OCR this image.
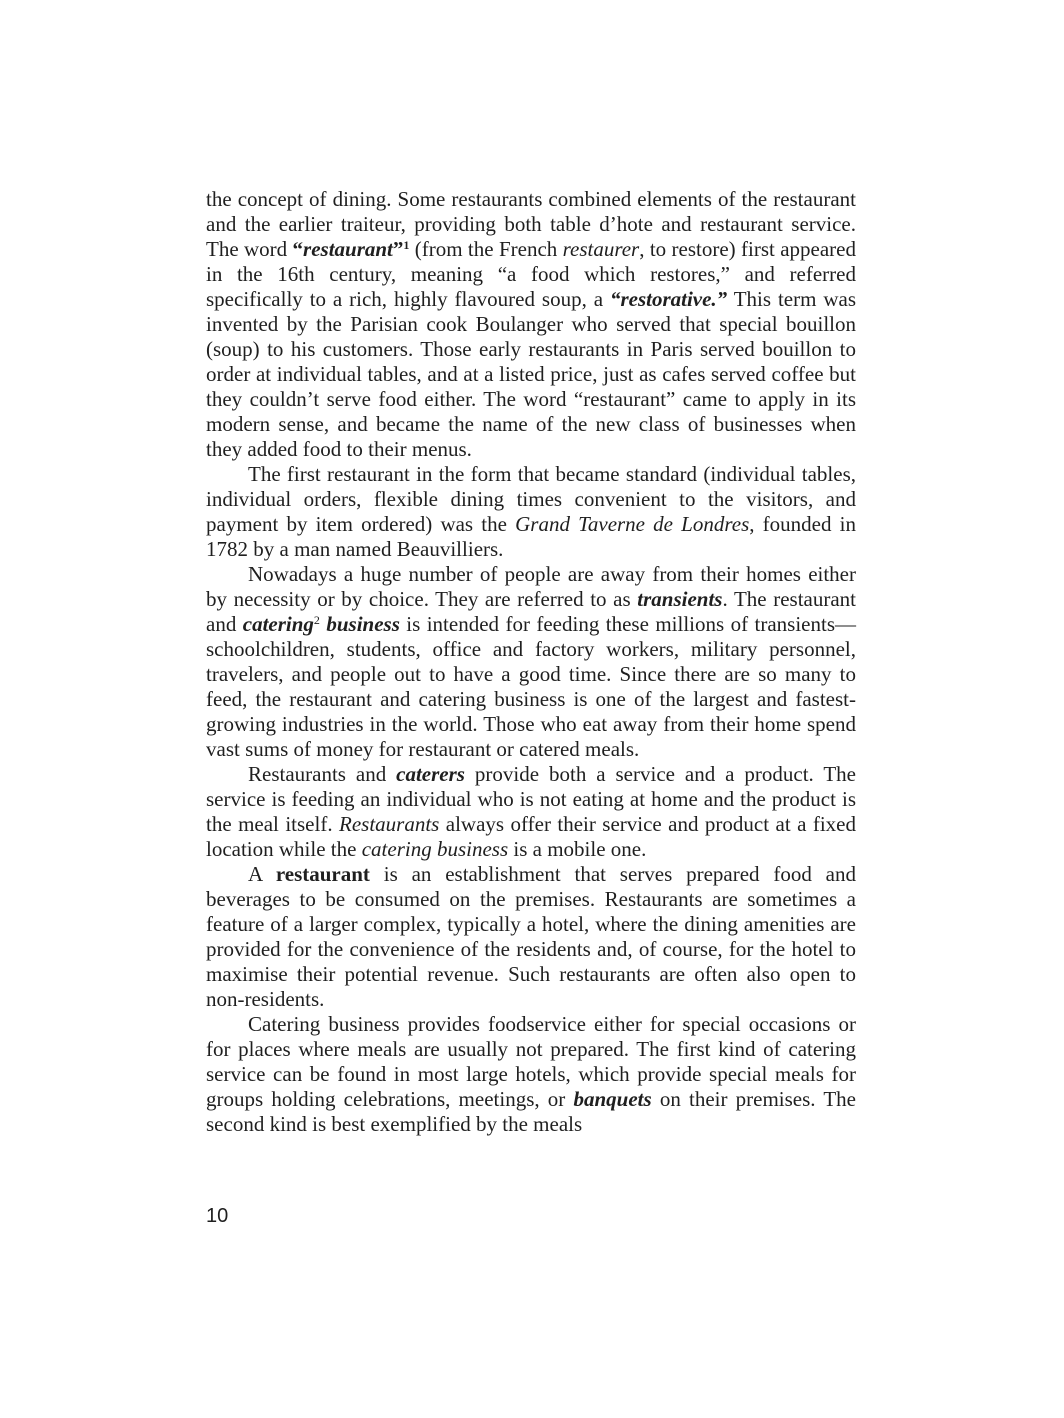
the concept of dining. Some restaurants combined elements of the restaurant and the earlier traiteur, providing both table d’hote and restaurant service. The word “restaurant”$^1$ (from the French restaurer, to restore) first appeared in the 16th century, meaning “a food which restores,” and referred specifically to a rich, highly flavoured soup, a “restorative.” This term was invented by the Parisian cook Boulanger who served that special bouillon (soup) to his customers. Those early restaurants in Paris served bouillon to order at individual tables, and at a listed price, just as cafes served coffee but they couldn’t serve food either. The word “restaurant” came to apply in its modern sense, and became the name of the new class of businesses when they added food to their menus.

The first restaurant in the form that became standard (individual tables, individual orders, flexible dining times convenient to the visitors, and payment by item ordered) was the Grand Taverne de Londres, founded in 1782 by a man named Beauvilliers.

Nowadays a huge number of people are away from their homes either by necessity or by choice. They are referred to as transients. The restaurant and catering$^2$ business is intended for feeding these millions of transients— schoolchildren, students, office and factory workers, military personnel, travelers, and people out to have a good time. Since there are so many to feed, the restaurant and catering business is one of the largest and fastest-growing industries in the world. Those who eat away from their home spend vast sums of money for restaurant or catered meals.

Restaurants and caterers provide both a service and a product. The service is feeding an individual who is not eating at home and the product is the meal itself. Restaurants always offer their service and product at a fixed location while the catering business is a mobile one.

A restaurant is an establishment that serves prepared food and beverages to be consumed on the premises. Restaurants are sometimes a feature of a larger complex, typically a hotel, where the dining amenities are provided for the convenience of the residents and, of course, for the hotel to maximise their potential revenue. Such restaurants are often also open to non-residents.

Catering business provides foodservice either for special occasions or for places where meals are usually not prepared. The first kind of catering service can be found in most large hotels, which provide special meals for groups holding celebrations, meetings, or banquets on their premises. The second kind is best exemplified by the meals

10
